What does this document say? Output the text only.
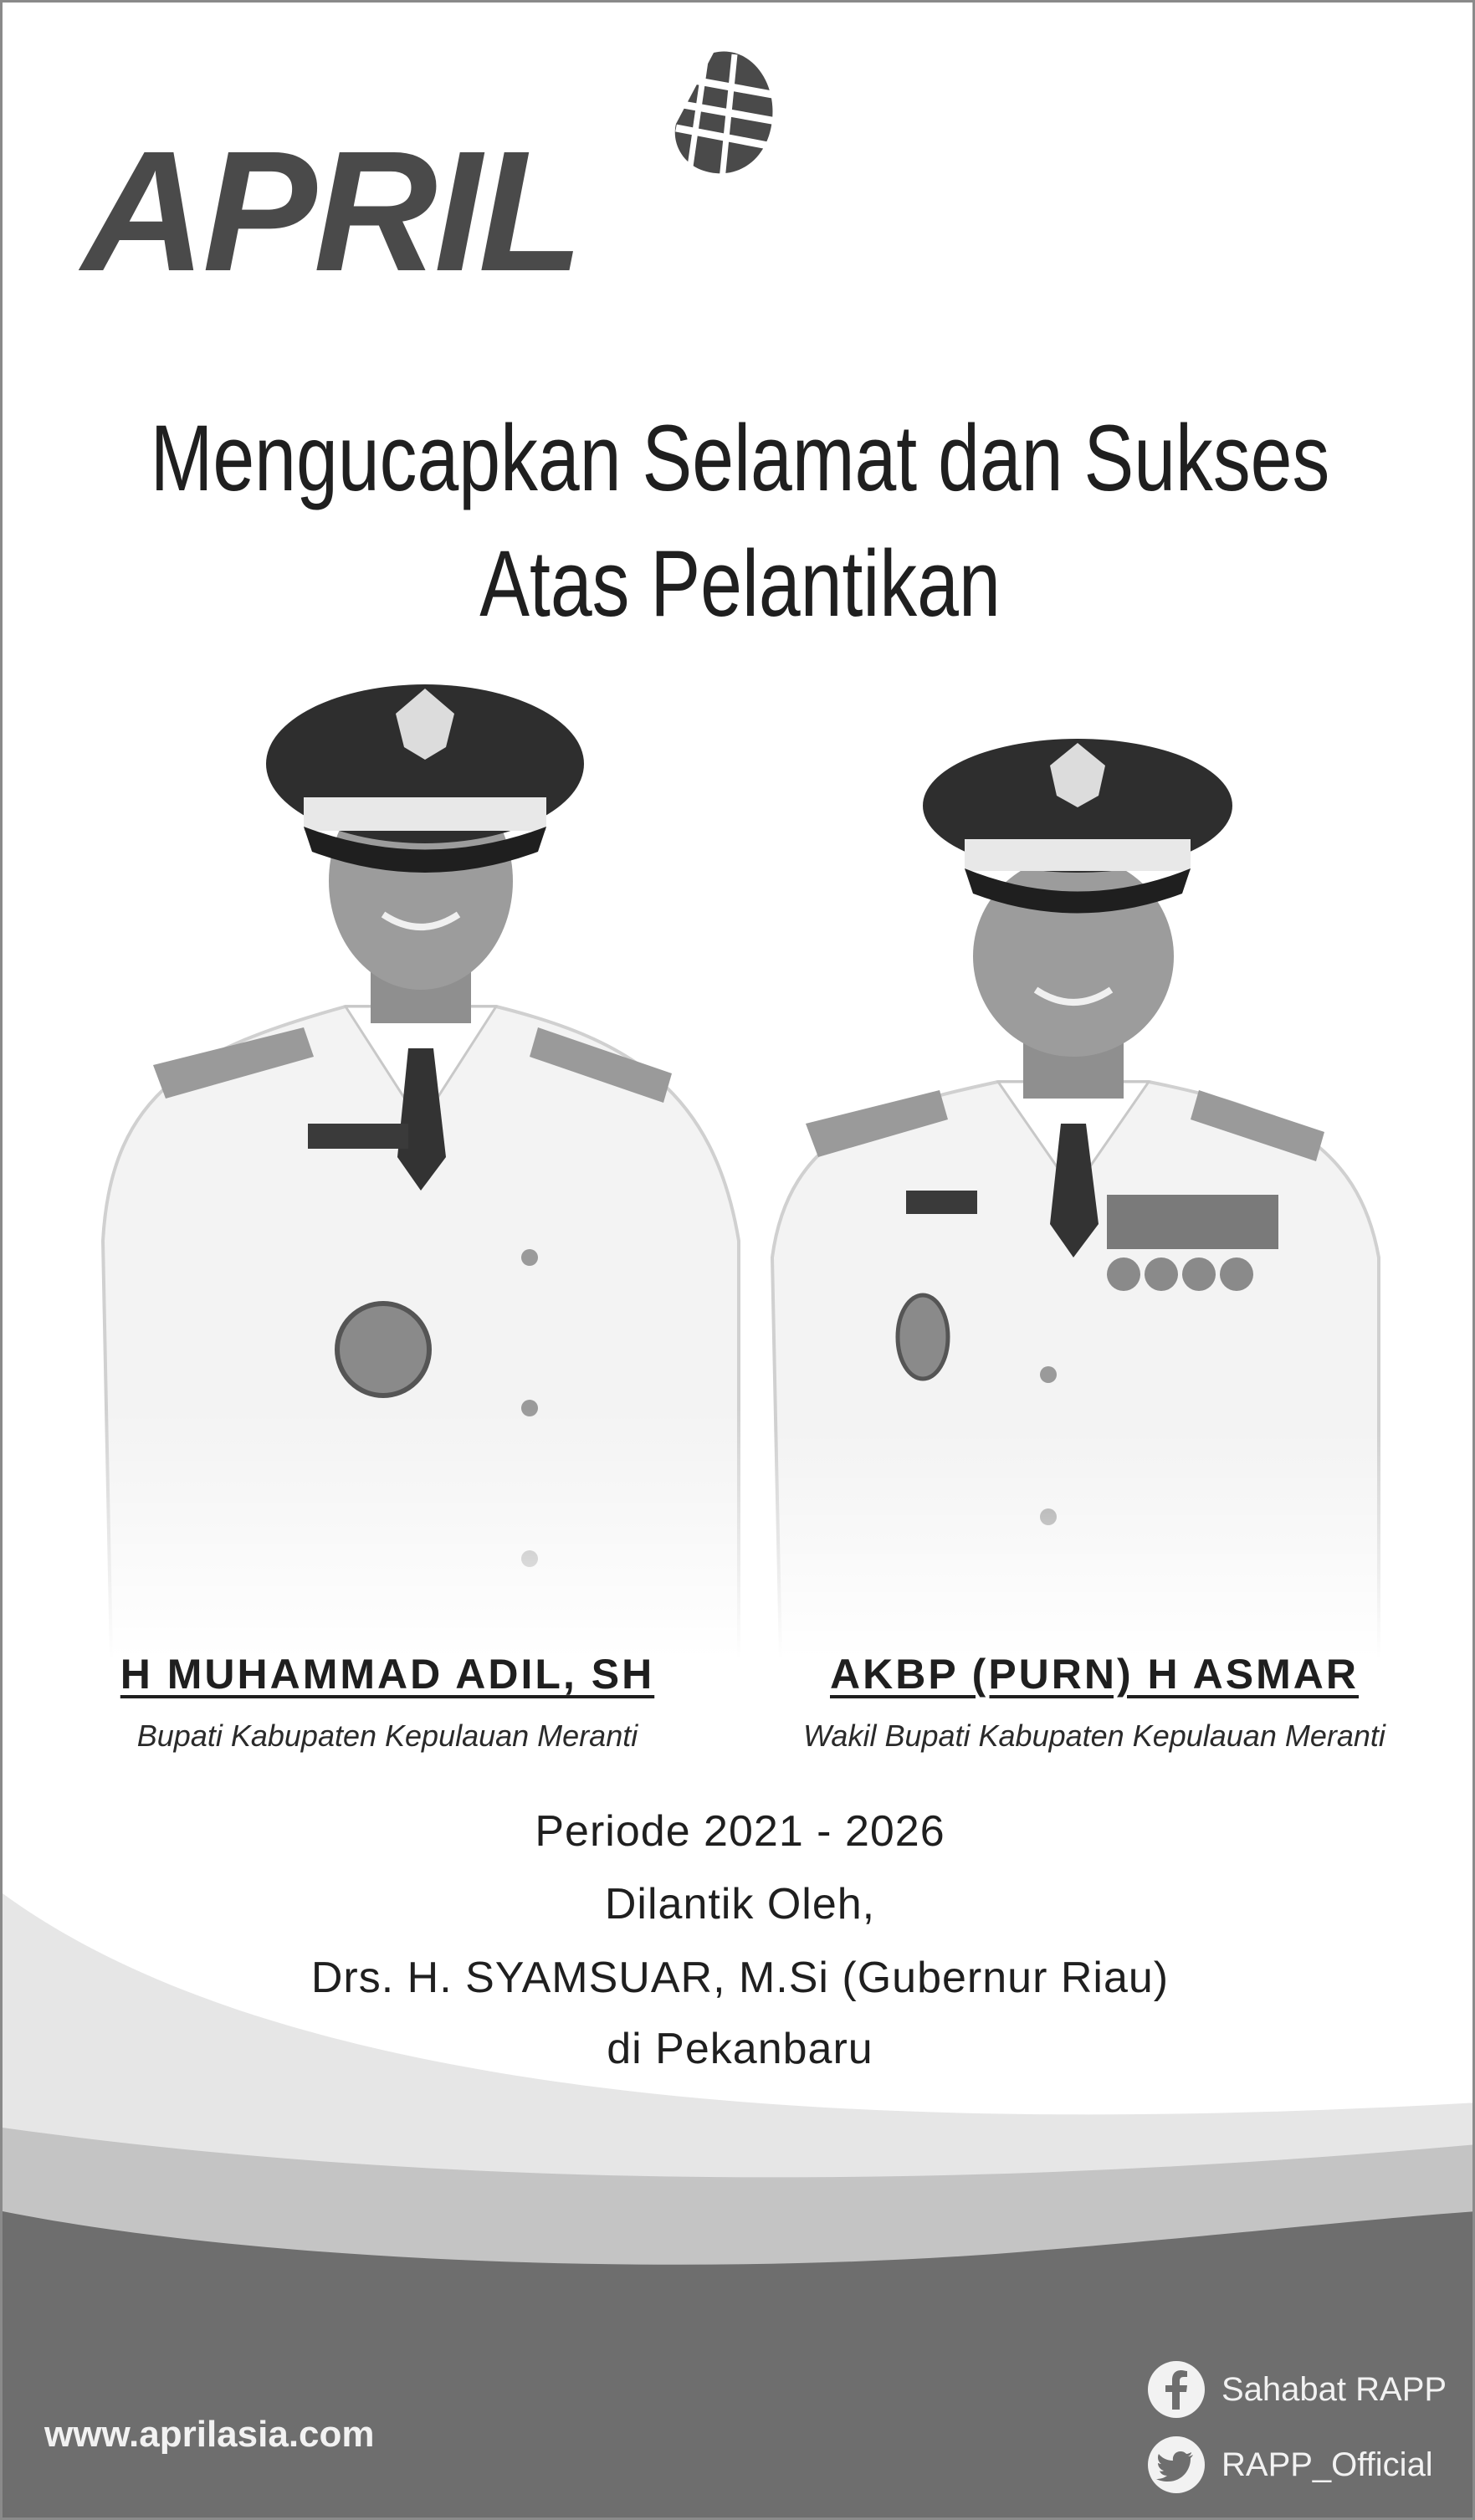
APRIL
Mengucapkan Selamat dan Sukses
Atas Pelantikan
H MUHAMMAD ADIL, SH
Bupati Kabupaten Kepulauan Meranti
AKBP (PURN) H ASMAR
Wakil Bupati Kabupaten Kepulauan Meranti
Periode 2021 - 2026
Dilantik Oleh,
Drs. H. SYAMSUAR, M.Si (Gubernur Riau)
di Pekanbaru
www.aprilasia.com
Sahabat RAPP
RAPP_Official
